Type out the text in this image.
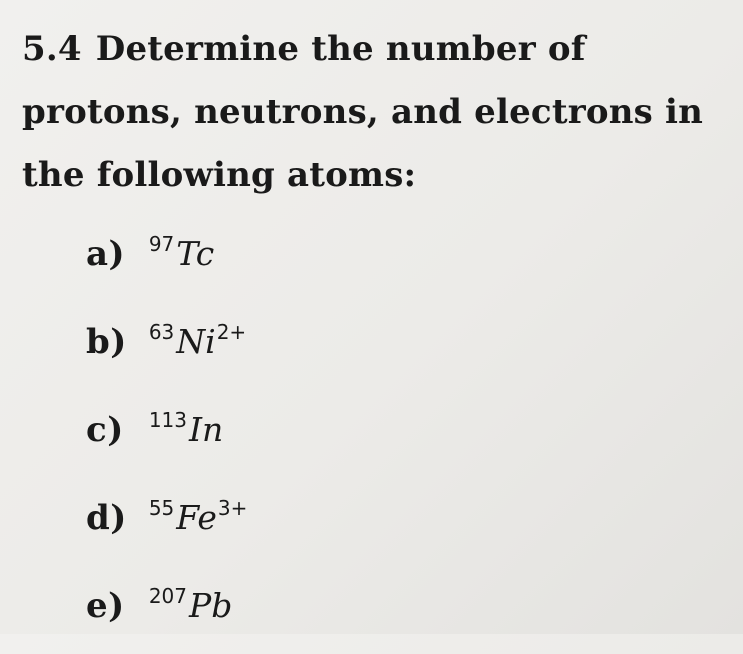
5.4 Determine the number of protons, neutrons, and electrons in the following atoms:
a) $^{97}$Tc
b) $^{63}Ni^{2+}$
c) $^{113}$In
d) $^{55}Fe^{3+}$
e) $^{207}$Pb
